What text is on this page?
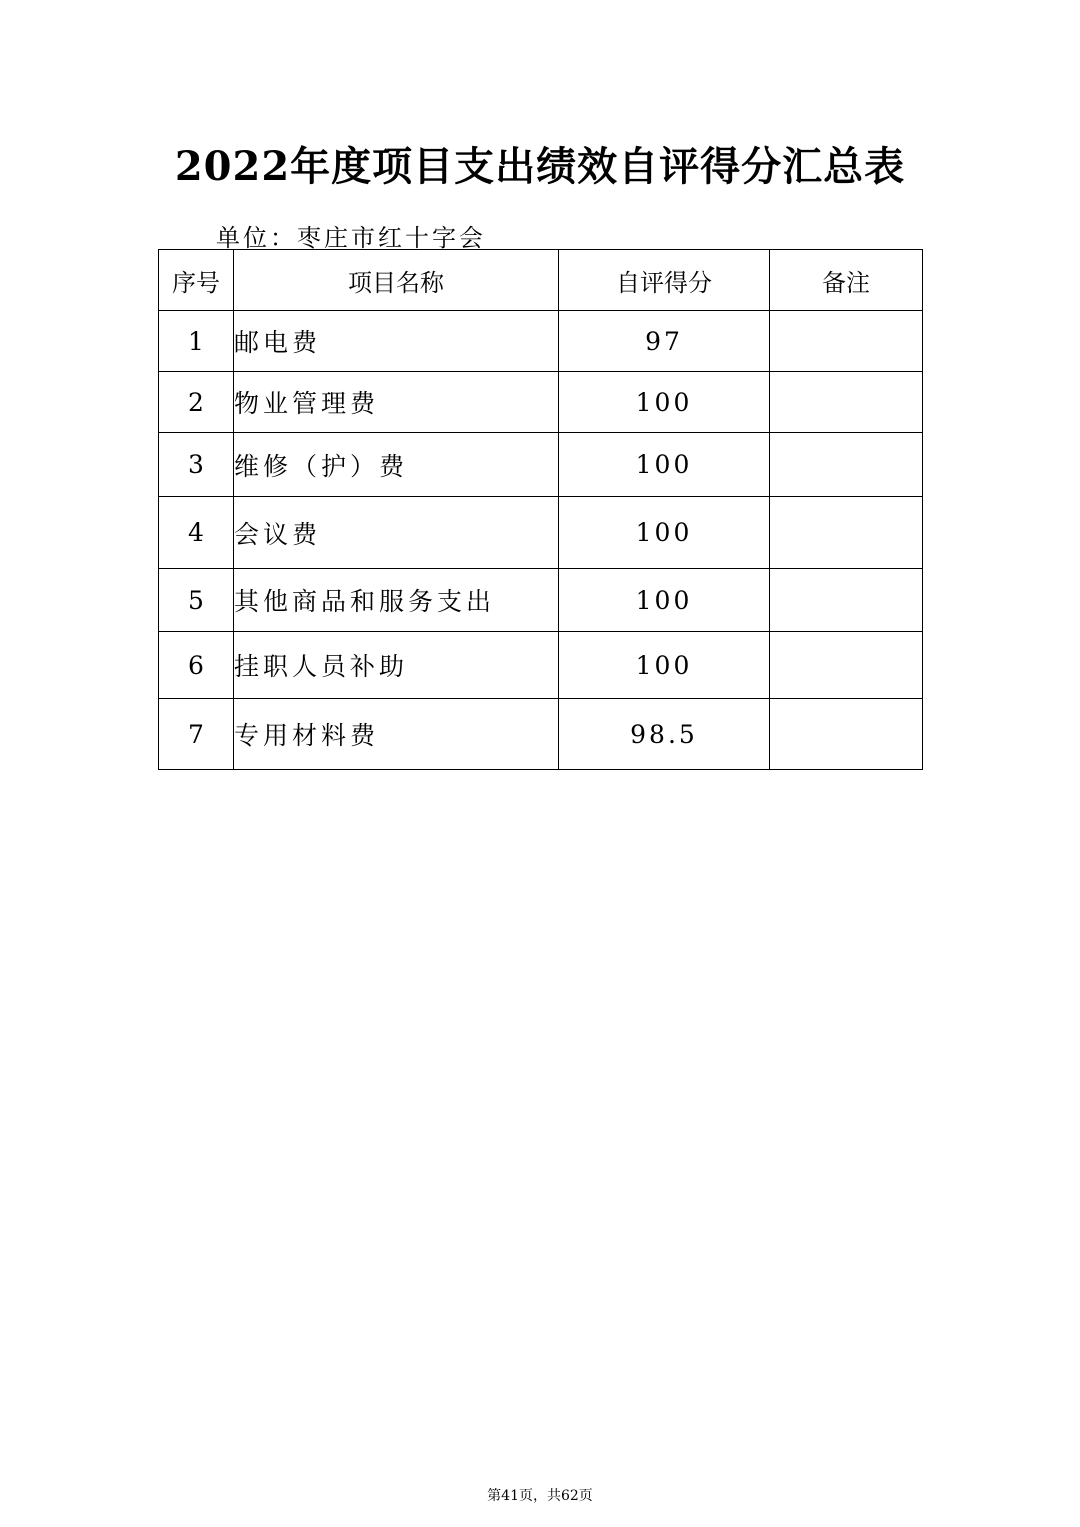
2022年度项目支出绩效自评得分汇总表
单位：枣庄市红十字会
序号	项目名称	自评得分	备注
1	邮电费	97	
2	物业管理费	100	
3	维修（护）费	100	
4	会议费	100	
5	其他商品和服务支出	100	
6	挂职人员补助	100	
7	专用材料费	98.5	
第41页，共62页
